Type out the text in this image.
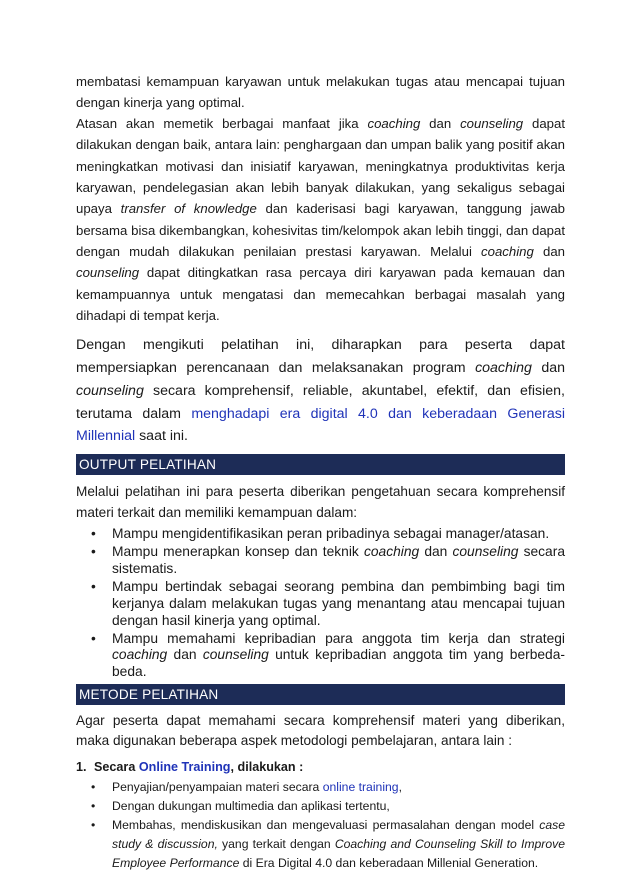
membatasi kemampuan karyawan untuk melakukan tugas atau mencapai tujuan dengan kinerja yang optimal.

Atasan akan memetik berbagai manfaat jika coaching dan counseling dapat dilakukan dengan baik, antara lain: penghargaan dan umpan balik yang positif akan meningkatkan motivasi dan inisiatif karyawan, meningkatnya produktivitas kerja karyawan, pendelegasian akan lebih banyak dilakukan, yang sekaligus sebagai upaya transfer of knowledge dan kaderisasi bagi karyawan, tanggung jawab bersama bisa dikembangkan, kohesivitas tim/kelompok akan lebih tinggi, dan dapat dengan mudah dilakukan penilaian prestasi karyawan. Melalui coaching dan counseling dapat ditingkatkan rasa percaya diri karyawan pada kemauan dan kemampuannya untuk mengatasi dan memecahkan berbagai masalah yang dihadapi di tempat kerja.

Dengan mengikuti pelatihan ini, diharapkan para peserta dapat mempersiapkan perencanaan dan melaksanakan program coaching dan counseling secara komprehensif, reliable, akuntabel, efektif, dan efisien, terutama dalam menghadapi era digital 4.0 dan keberadaan Generasi Millennial saat ini.

OUTPUT PELATIHAN

Melalui pelatihan ini para peserta diberikan pengetahuan secara komprehensif materi terkait dan memiliki kemampuan dalam:

• Mampu mengidentifikasikan peran pribadinya sebagai manager/atasan.
• Mampu menerapkan konsep dan teknik coaching dan counseling secara sistematis.
• Mampu bertindak sebagai seorang pembina dan pembimbing bagi tim kerjanya dalam melakukan tugas yang menantang atau mencapai tujuan dengan hasil kinerja yang optimal.
• Mampu memahami kepribadian para anggota tim kerja dan strategi coaching dan counseling untuk kepribadian anggota tim yang berbeda-beda.
METODE PELATIHAN

Agar peserta dapat memahami secara komprehensif materi yang diberikan, maka digunakan beberapa aspek metodologi pembelajaran, antara lain :

1. Secara Online Training, dilakukan :
• Penyajian/penyampaian materi secara online training,
• Dengan dukungan multimedia dan aplikasi tertentu,
• Membahas, mendiskusikan dan mengevaluasi permasalahan dengan model case study & discussion, yang terkait dengan Coaching and Counseling Skill to Improve Employee Performance di Era Digital 4.0 dan keberadaan Millenial Generation.
